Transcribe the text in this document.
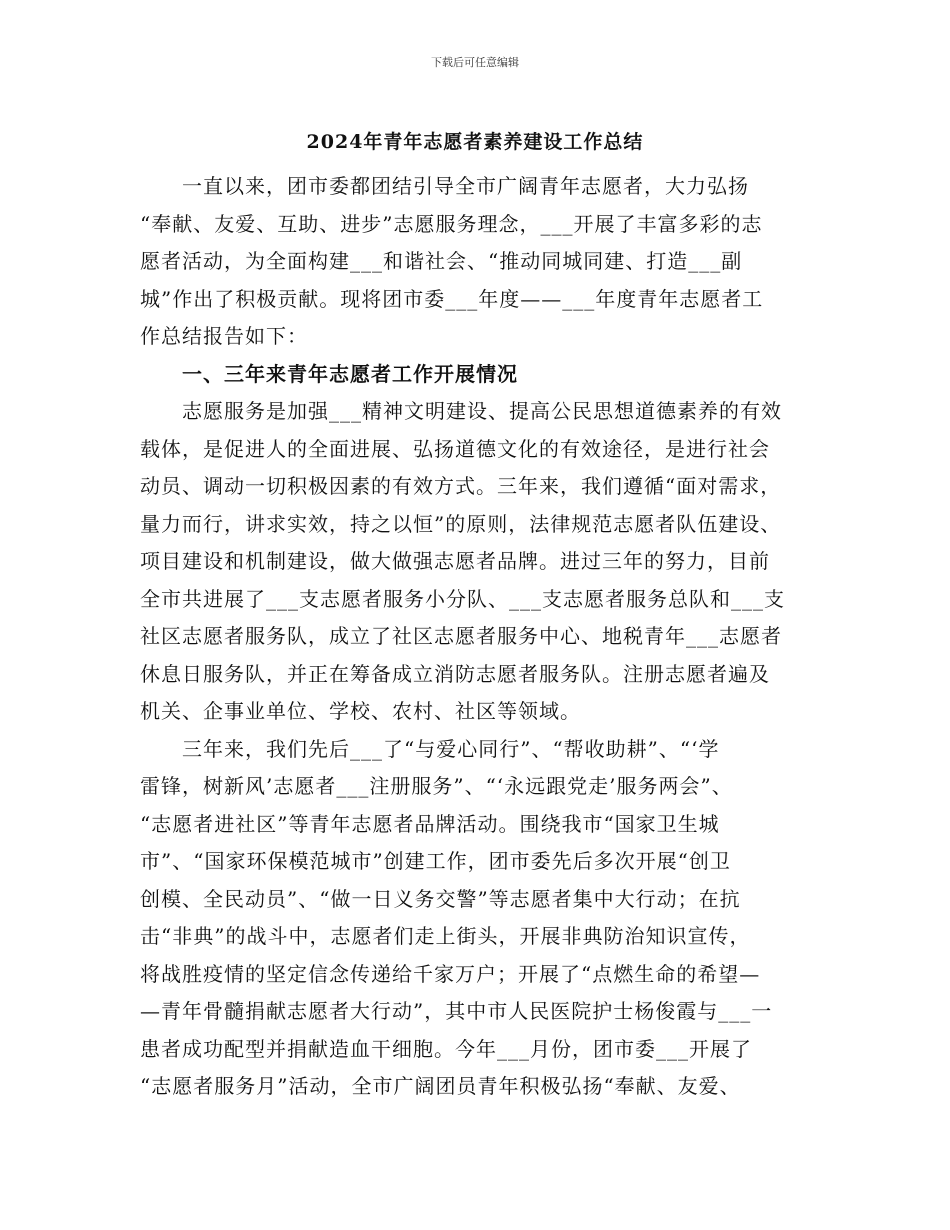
下载后可任意编辑
2024年青年志愿者素养建设工作总结
　　一直以来，团市委都团结引导全市广阔青年志愿者，大力弘扬
“奉献、友爱、互助、进步”志愿服务理念，___开展了丰富多彩的志
愿者活动，为全面构建___和谐社会、“推动同城同建、打造___副
城”作出了积极贡献。现将团市委___年度——___年度青年志愿者工
作总结报告如下：
　　一、三年来青年志愿者工作开展情况
　　志愿服务是加强___精神文明建设、提高公民思想道德素养的有效
载体，是促进人的全面进展、弘扬道德文化的有效途径，是进行社会
动员、调动一切积极因素的有效方式。三年来，我们遵循“面对需求，
量力而行，讲求实效，持之以恒”的原则，法律规范志愿者队伍建设、
项目建设和机制建设，做大做强志愿者品牌。进过三年的努力，目前
全市共进展了___支志愿者服务小分队、___支志愿者服务总队和___支
社区志愿者服务队，成立了社区志愿者服务中心、地税青年___志愿者
休息日服务队，并正在筹备成立消防志愿者服务队。注册志愿者遍及
机关、企事业单位、学校、农村、社区等领域。
　　三年来，我们先后___了“与爱心同行”、“帮收助耕”、“‘学
雷锋，树新风’志愿者___注册服务”、“‘永远跟党走’服务两会”、
“志愿者进社区”等青年志愿者品牌活动。围绕我市“国家卫生城
市”、“国家环保模范城市”创建工作，团市委先后多次开展“创卫
创模、全民动员”、“做一日义务交警”等志愿者集中大行动；在抗
击“非典”的战斗中，志愿者们走上街头，开展非典防治知识宣传，
将战胜疫情的坚定信念传递给千家万户；开展了“点燃生命的希望—
—青年骨髓捐献志愿者大行动”，其中市人民医院护士杨俊霞与___一
患者成功配型并捐献造血干细胞。今年___月份，团市委___开展了
“志愿者服务月”活动，全市广阔团员青年积极弘扬“奉献、友爱、
